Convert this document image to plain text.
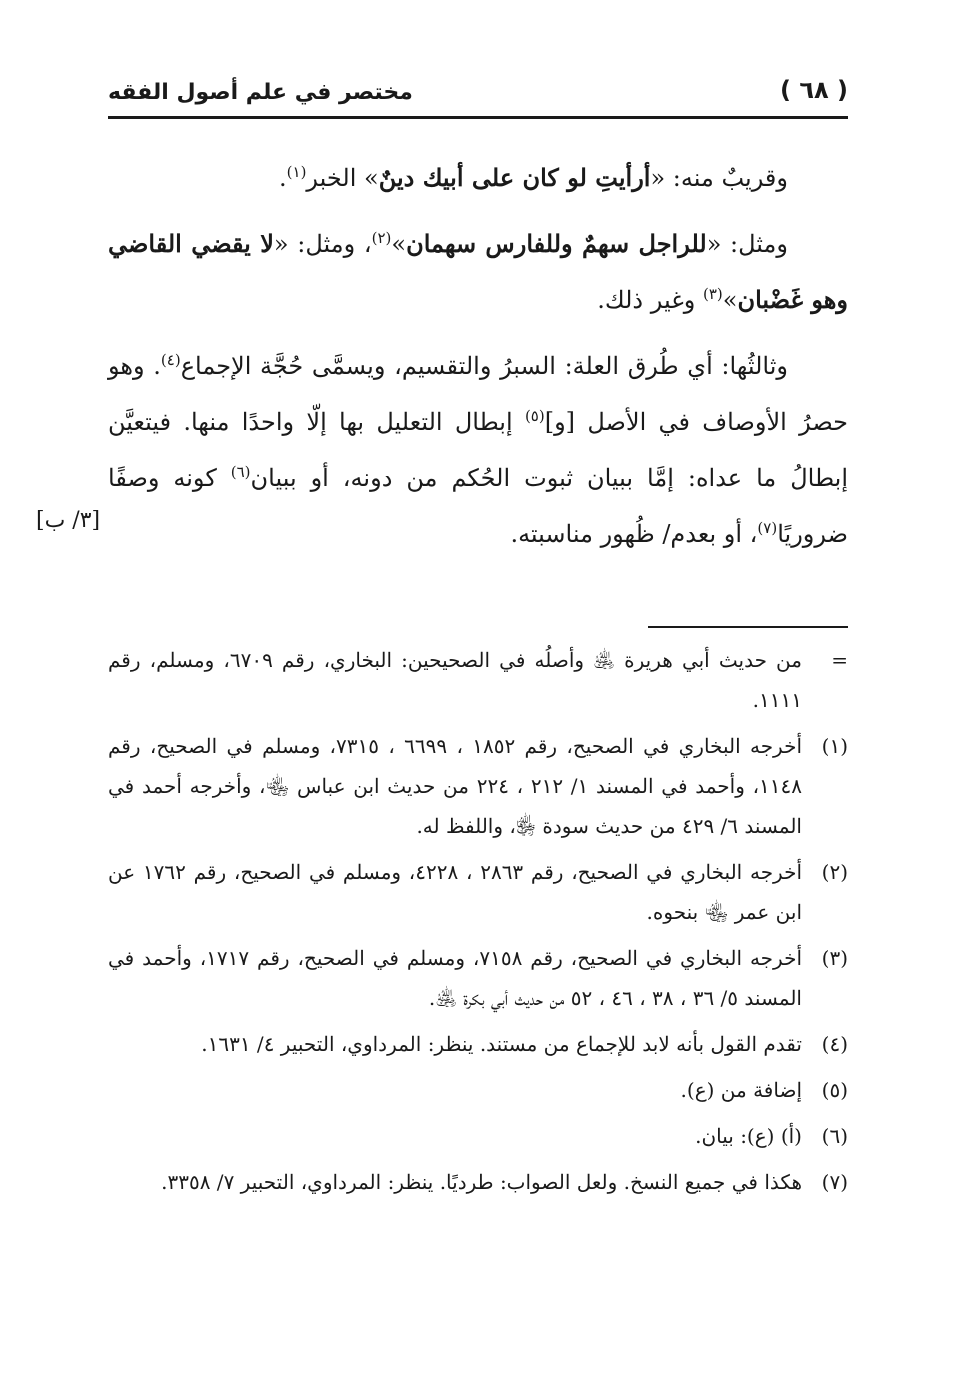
مختصر في علم أصول الفقه	( ٦٨ )

وقريبٌ منه: «أرأيتِ لو كان على أبيك دينٌ» الخبر$^{(١)}$.

ومثل: «للراجل سهمٌ وللفارس سهمان»$^{(٢)}$، ومثل: «لا يقضي القاضي وهو غَضْبان»$^{(٣)}$ وغير ذلك.

وثالثُها: أي طُرق العلة: السبرُ والتقسيم، ويسمَّى حُجَّة الإجماع$^{(٤)}$. وهو حصرُ الأوصاف في الأصل [و]$^{(٥)}$ إبطال التعليل بها إلّا واحدًا منها. فيتعيَّن إبطالُ ما عداه: إمَّا ببيان ثبوت الحُكم من دونه، أو ببيان$^{(٦)}$ كونه وصفًا ضروريًا$^{(٧)}$، أو بعدم/ ظُهور مناسبته.

[٣/ ب]
=
من حديث أبي هريرة ﵁ وأصلُه في الصحيحين: البخاري، رقم ٦٧٠٩، ومسلم، رقم ١١١١.
(١)
أخرجه البخاري في الصحيح، رقم ١٨٥٢ ، ٦٦٩٩ ، ٧٣١٥، ومسلم في الصحيح، رقم ١١٤٨، وأحمد في المسند ١/ ٢١٢ ، ٢٢٤ من حديث ابن عباس ﵄، وأخرجه أحمد في المسند ٦/ ٤٢٩ من حديث سودة ﵂، واللفظ له.
(٢)
أخرجه البخاري في الصحيح، رقم ٢٨٦٣ ، ٤٢٢٨، ومسلم في الصحيح، رقم ١٧٦٢ عن ابن عمر ﵄ بنحوه.
(٣)
أخرجه البخاري في الصحيح، رقم ٧١٥٨، ومسلم في الصحيح، رقم ١٧١٧، وأحمد في المسند ٥/ ٣٦ ، ٣٨ ، ٤٦ ، ٥٢ من حديث أبي بكرة ﵁.
(٤)
تقدم القول بأنه لابد للإجماع من مستند. ينظر: المرداوي، التحبير ٤/ ١٦٣١.
(٥)
إضافة من (ع).
(٦)
(أ) (ع): بيان.
(٧)
هكذا في جميع النسخ. ولعل الصواب: طرديًا. ينظر: المرداوي، التحبير ٧/ ٣٣٥٨.
